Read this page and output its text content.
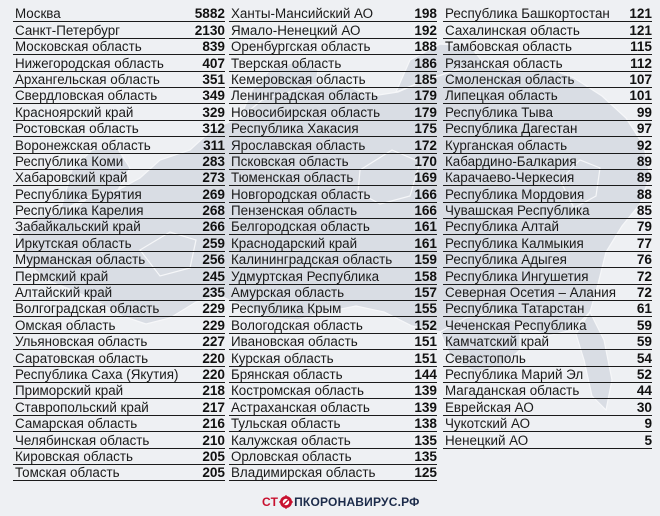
Москва	5882
Санкт-Петербург	2130
Московская область	839
Нижегородская область	407
Архангельская область	351
Свердловская область	349
Красноярский край	329
Ростовская область	312
Воронежская область	311
Республика Коми	283
Хабаровский край	273
Республика Бурятия	269
Республика Карелия	268
Забайкальский край	266
Иркутская область	259
Мурманская область	256
Пермский край	245
Алтайский край	235
Волгоградская область	229
Омская область	229
Ульяновская область	227
Саратовская область	220
Республика Саха (Якутия) 220
Приморский край	218
Ставропольский край	217
Самарская область	216
Челябинская область	210
Кировская область	205
Томская область	205
Ханты-Мансийский АО	198
Ямало-Ненецкий АО	192
Оренбургская область	188
Тверская область	186
Кемеровская область	185
Ленинградская область	179
Новосибирская область	179
Республика Хакасия	175
Ярославская область	172
Псковская область	170
Тюменская область	169
Новгородская область	166
Пензенская область	166
Белгородская область	161
Краснодарский край	161
Калининградская область 159
Удмуртская Республика	158
Амурская область	157
Республика Крым	155
Вологодская область	152
Ивановская область	151
Курская область	151
Брянская область	144
Костромская область	139
Астраханская область	139
Тульская область	138
Калужская область	135
Орловская область	135
Владимирская область	125
Республика Башкортостан 121
Сахалинская область	121
Тамбовская область	115
Рязанская область	112
Смоленская область	107
Липецкая область	101
Республика Тыва	99
Республика Дагестан	97
Курганская область	92
Кабардино-Балкария	89
Карачаево-Черкесия	89
Республика Мордовия	88
Чувашская Республика	85
Республика Алтай	79
Республика Калмыкия	77
Республика Адыгея	76
Республика Ингушетия	72
Северная Осетия – Алания 72
Республика Татарстан	61
Чеченская Республика	59
Камчатский край	59
Севастополь	54
Республика Марий Эл	52
Магаданская область	44
Еврейская АО	30
Чукотский АО	9
Ненецкий АО	5
СТ ПКОРОНАВИРУС.РФ
